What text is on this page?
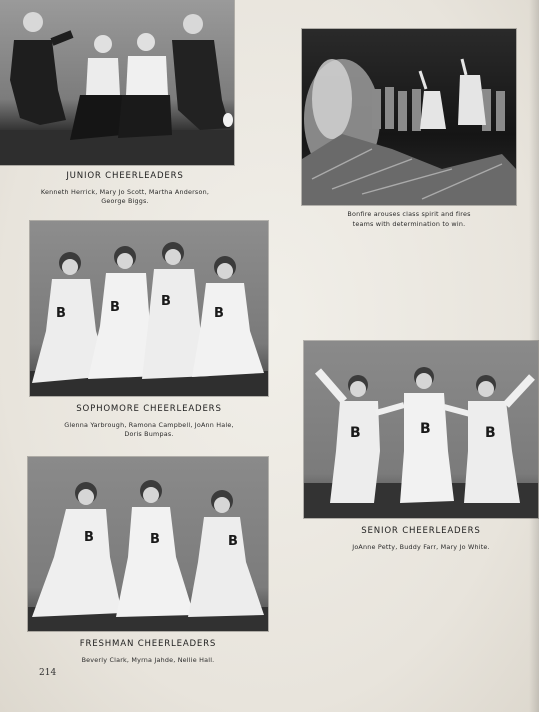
JUNIOR CHEERLEADERS
Kenneth Herrick, Mary Jo Scott, Martha Anderson,
George Biggs.
Bonfire arouses class spirit and fires
teams with determination to win.
B	B	B
B
SOPHOMORE CHEERLEADERS
Glenna Yarbrough, Ramona Campbell, JoAnn Hale,
Doris Bumpas.	B	B	B
SENIOR CHEERLEADERS
JoAnne Petty, Buddy Farr, Mary Jo White.
B	B	B
FRESHMAN CHEERLEADERS
Beverly Clark, Myrna Jahde, Nellie Hall.
214
